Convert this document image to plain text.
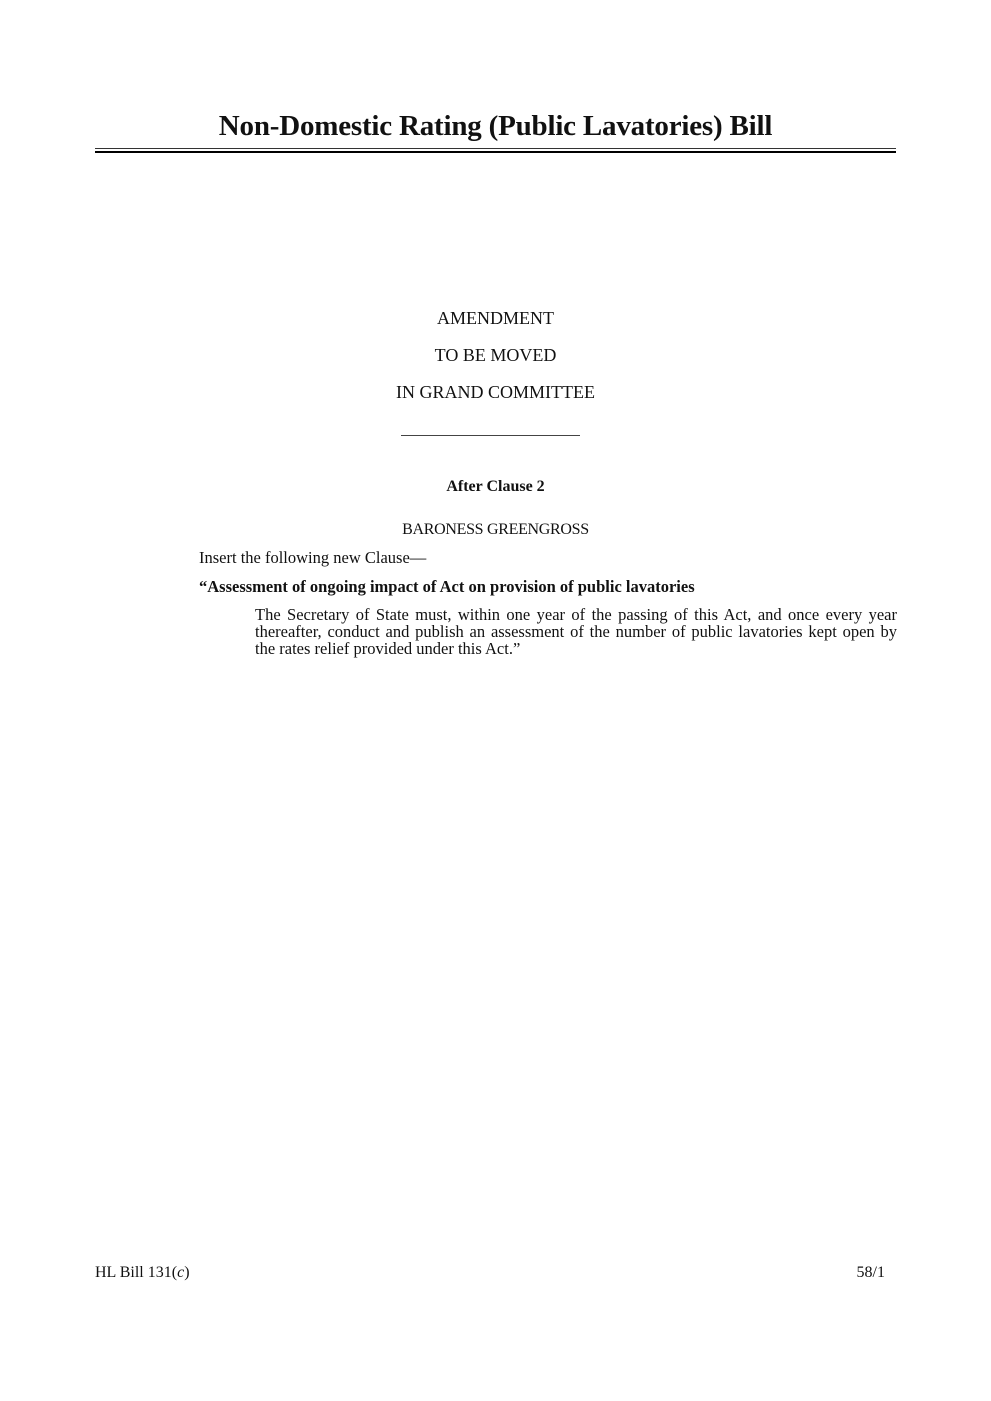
Non-Domestic Rating (Public Lavatories) Bill
AMENDMENT
TO BE MOVED
IN GRAND COMMITTEE
After Clause 2
BARONESS GREENGROSS
Insert the following new Clause—
“Assessment of ongoing impact of Act on provision of public lavatories
The Secretary of State must, within one year of the passing of this Act, and once every year thereafter, conduct and publish an assessment of the number of public lavatories kept open by the rates relief provided under this Act.”
HL Bill 131(c)	58/1
